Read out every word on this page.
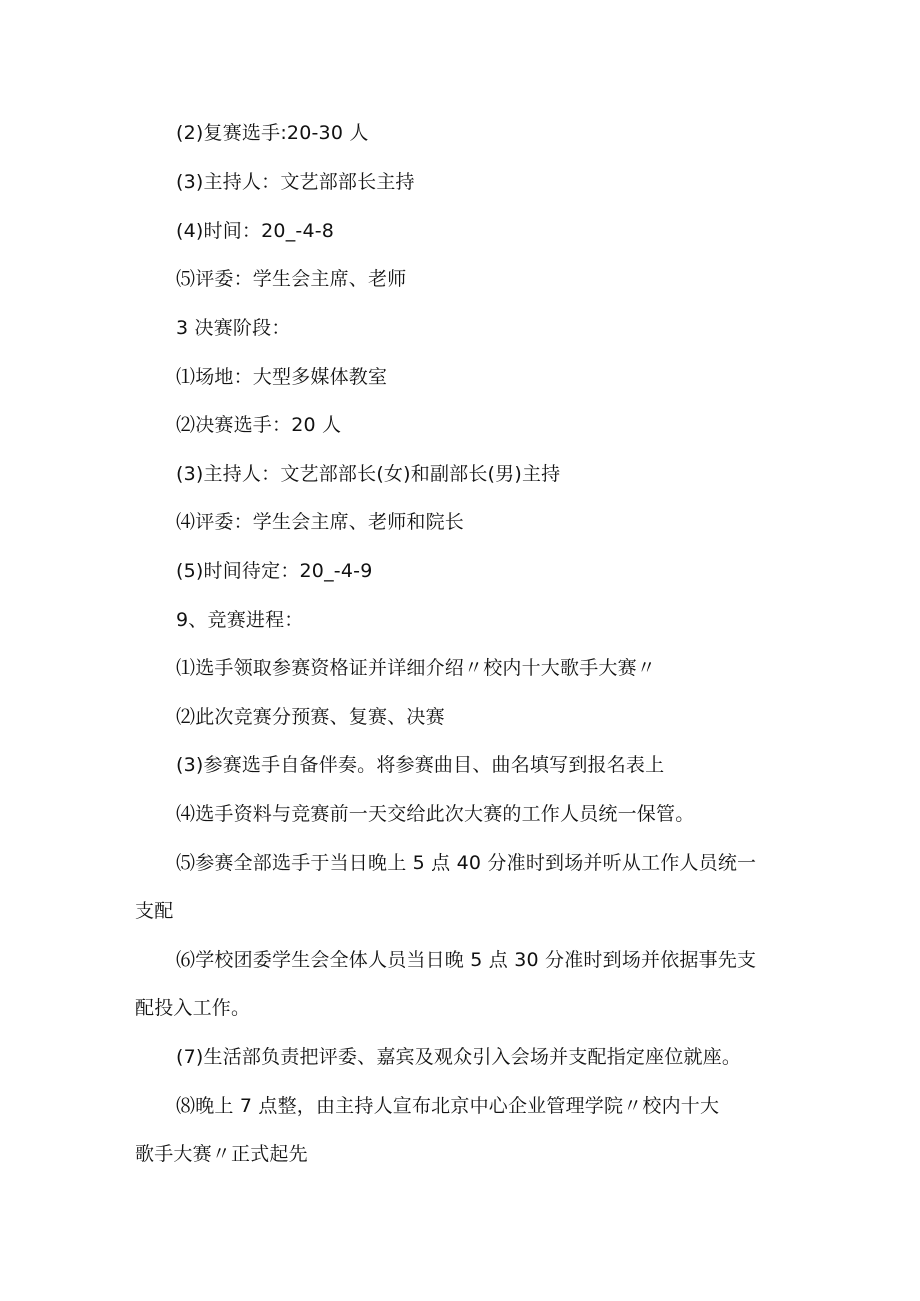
(2)复赛选手:20-30 人
(3)主持人：文艺部部长主持
(4)时间：20_-4-8
⑸评委：学生会主席、老师
3 决赛阶段：
⑴场地：大型多媒体教室
⑵决赛选手：20 人
(3)主持人：文艺部部长(女)和副部长(男)主持
⑷评委：学生会主席、老师和院长
(5)时间待定：20_-4-9
9、竞赛进程：
⑴选手领取参赛资格证并详细介绍〃校内十大歌手大赛〃
⑵此次竞赛分预赛、复赛、决赛
(3)参赛选手自备伴奏。将参赛曲目、曲名填写到报名表上
⑷选手资料与竞赛前一天交给此次大赛的工作人员统一保管。
⑸参赛全部选手于当日晚上 5 点 40 分准时到场并听从工作人员统一
支配
⑹学校团委学生会全体人员当日晚 5 点 30 分准时到场并依据事先支
配投入工作。
(7)生活部负责把评委、嘉宾及观众引入会场并支配指定座位就座。
⑻晚上 7 点整，由主持人宣布北京中心企业管理学院〃校内十大
歌手大赛〃正式起先
